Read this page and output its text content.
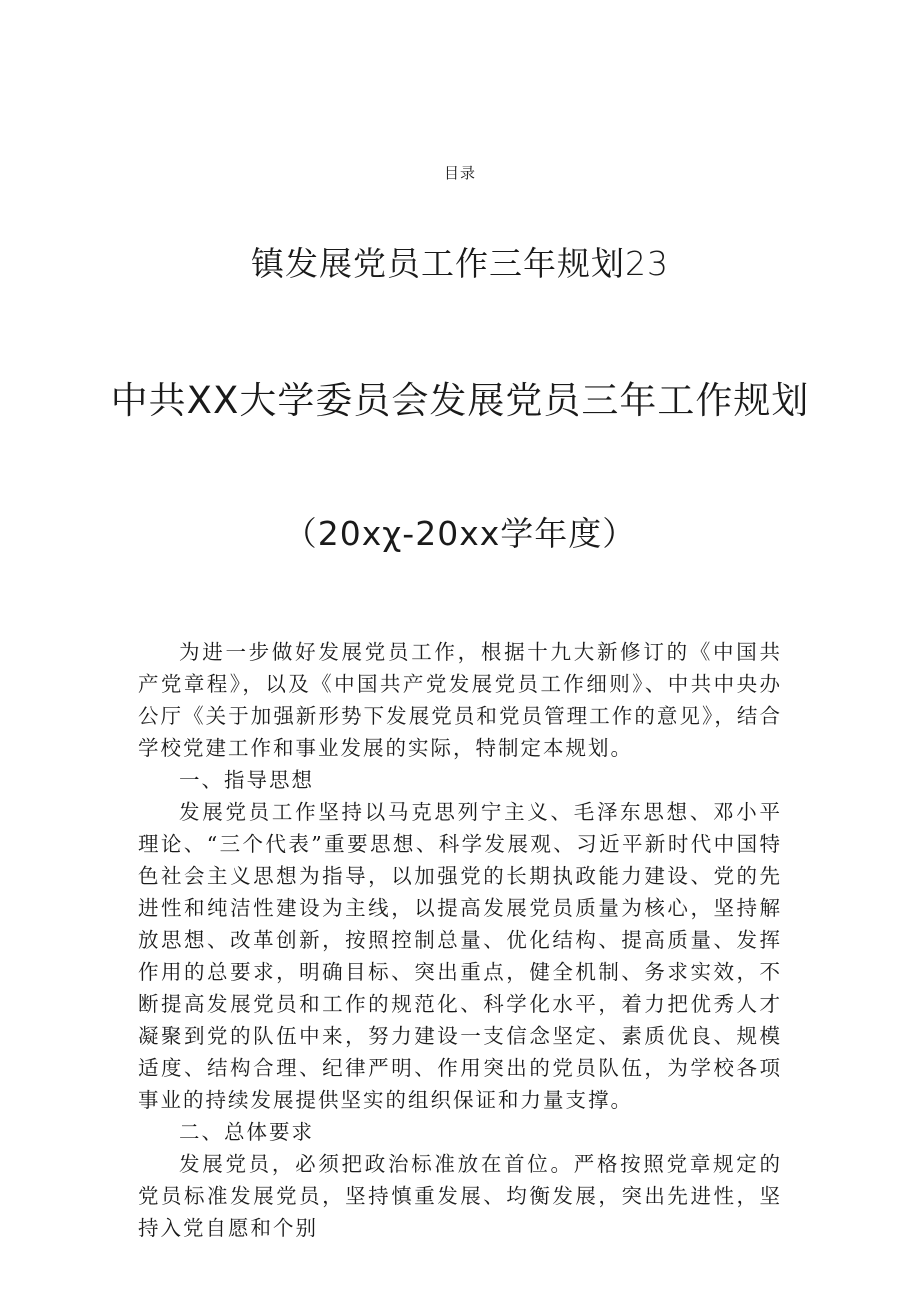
目录
镇发展党员工作三年规划23
中共XX大学委员会发展党员三年工作规划
（20xχ-20xx学年度）

为进一步做好发展党员工作，根据十九大新修订的《中国共产党章程》，以及《中国共产党发展党员工作细则》、中共中央办公厅《关于加强新形势下发展党员和党员管理工作的意见》，结合学校党建工作和事业发展的实际，特制定本规划。

一、指导思想

发展党员工作坚持以马克思列宁主义、毛泽东思想、邓小平理论、“三个代表”重要思想、科学发展观、习近平新时代中国特色社会主义思想为指导，以加强党的长期执政能力建设、党的先进性和纯洁性建设为主线，以提高发展党员质量为核心，坚持解放思想、改革创新，按照控制总量、优化结构、提高质量、发挥作用的总要求，明确目标、突出重点，健全机制、务求实效，不断提高发展党员和工作的规范化、科学化水平，着力把优秀人才凝聚到党的队伍中来，努力建设一支信念坚定、素质优良、规模适度、结构合理、纪律严明、作用突出的党员队伍，为学校各项事业的持续发展提供坚实的组织保证和力量支撑。

二、总体要求

发展党员，必须把政治标准放在首位。严格按照党章规定的党员标准发展党员，坚持慎重发展、均衡发展，突出先进性，坚持入党自愿和个别
